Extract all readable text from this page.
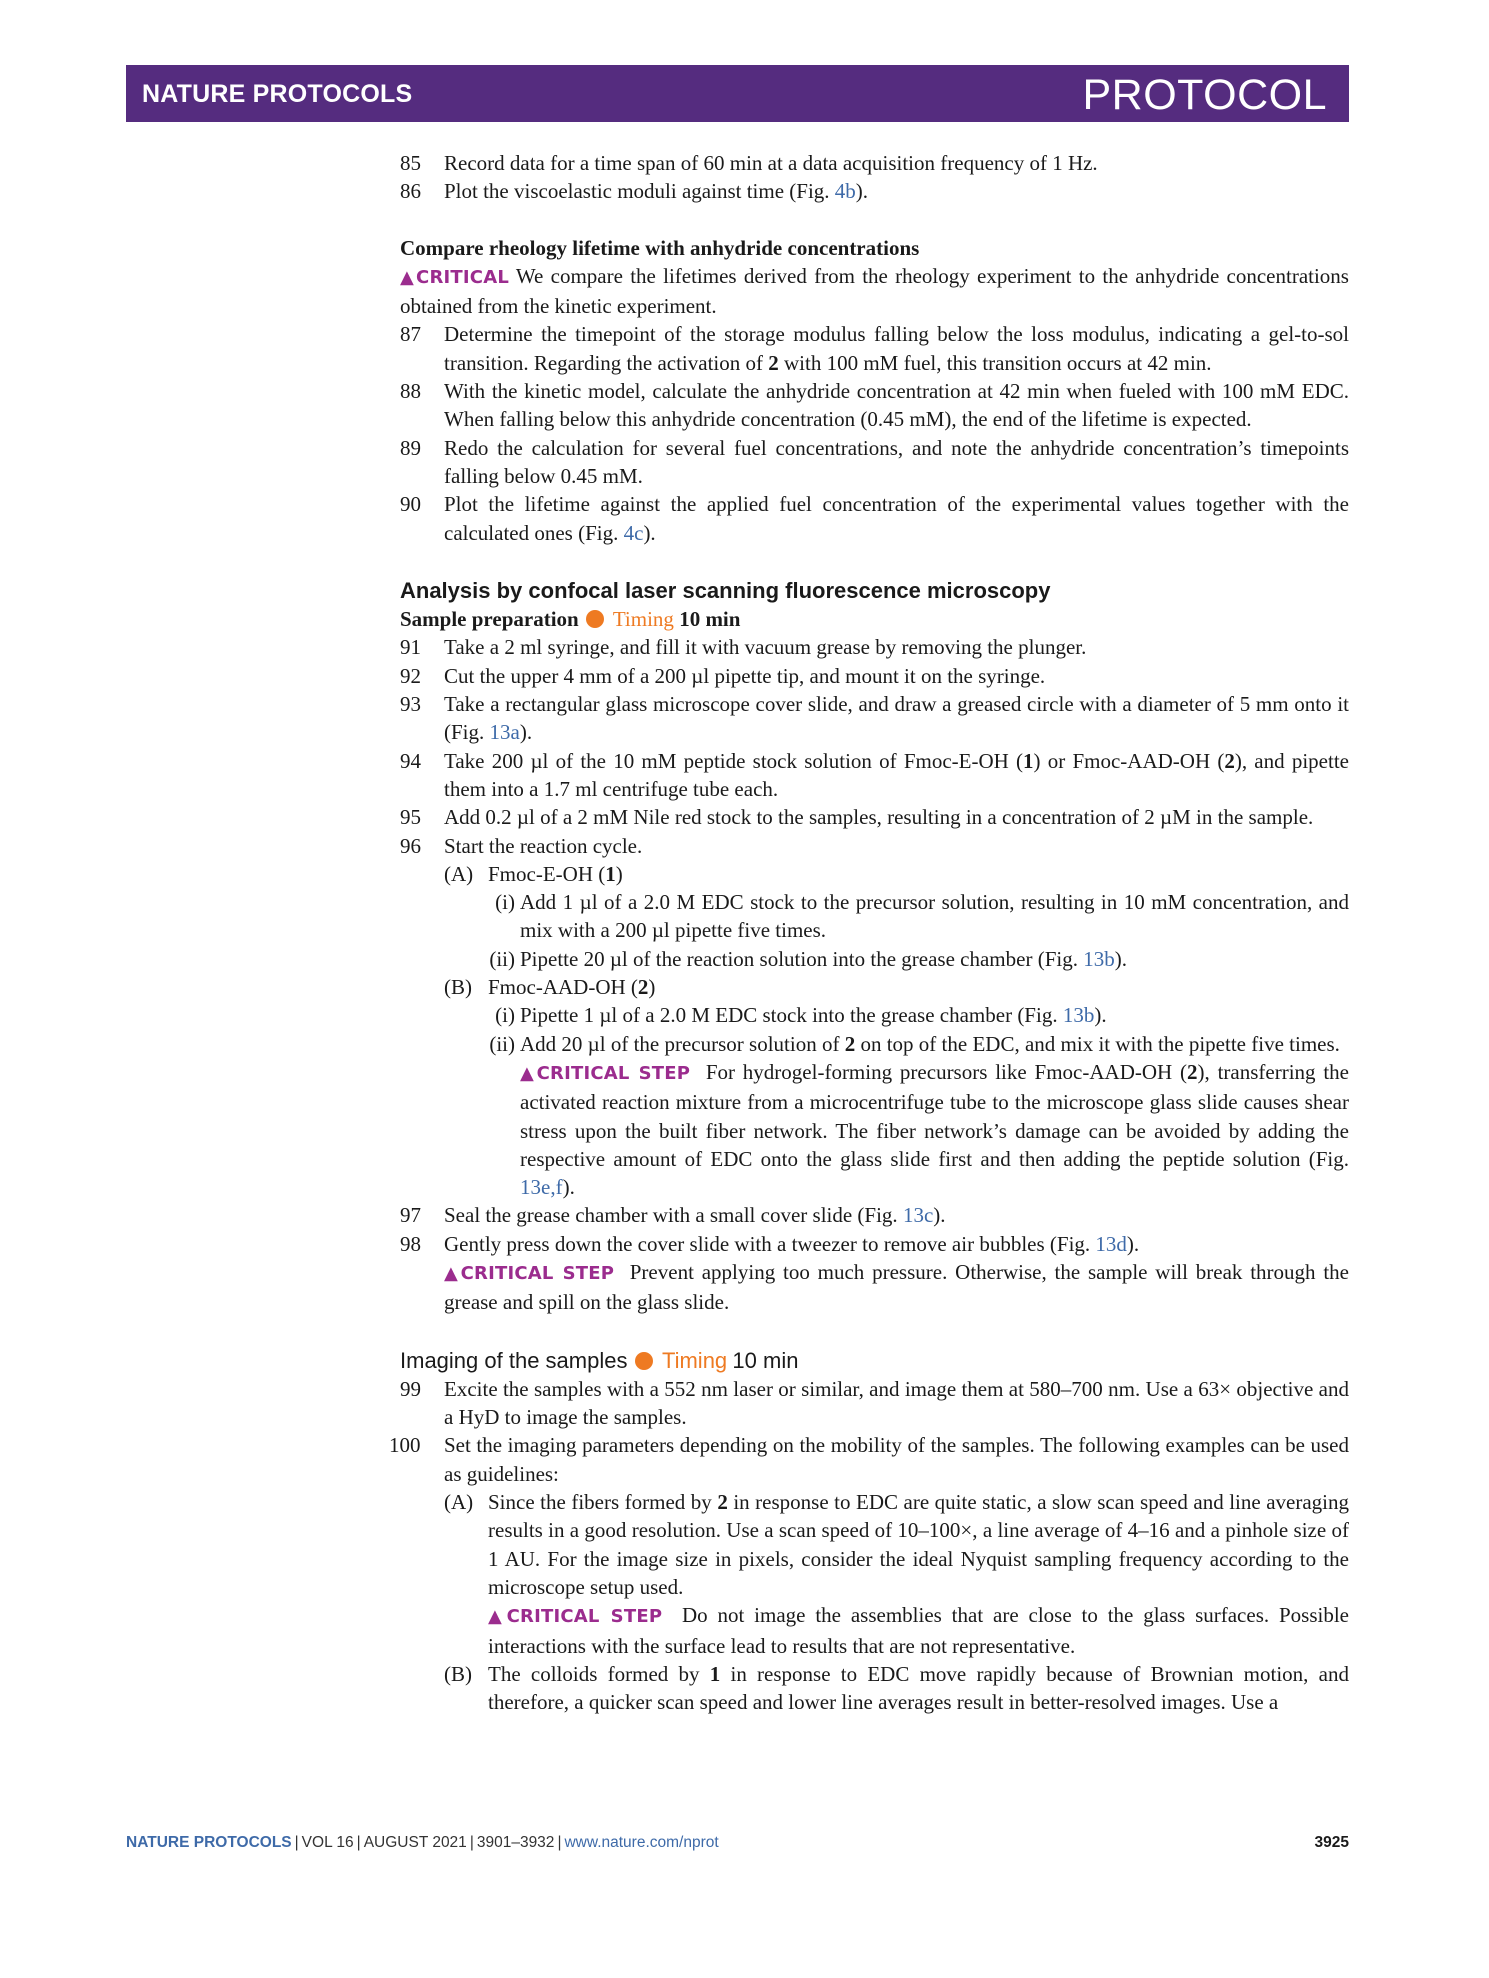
NATURE PROTOCOLS	PROTOCOL

85 Record data for a time span of 60 min at a data acquisition frequency of 1 Hz.

86 Plot the viscoelastic moduli against time (Fig. 4b).

Compare rheology lifetime with anhydride concentrations

▲CRITICAL We compare the lifetimes derived from the rheology experiment to the anhydride concentrations obtained from the kinetic experiment.

87 Determine the timepoint of the storage modulus falling below the loss modulus, indicating a gel-to-sol transition. Regarding the activation of 2 with 100 mM fuel, this transition occurs at 42 min.

88 With the kinetic model, calculate the anhydride concentration at 42 min when fueled with 100 mM EDC. When falling below this anhydride concentration (0.45 mM), the end of the lifetime is expected.

89 Redo the calculation for several fuel concentrations, and note the anhydride concentration’s timepoints falling below 0.45 mM.

90 Plot the lifetime against the applied fuel concentration of the experimental values together with the calculated ones (Fig. 4c).

Analysis by confocal laser scanning fluorescence microscopy

Sample preparation Timing 10 min

91 Take a 2 ml syringe, and fill it with vacuum grease by removing the plunger.

92 Cut the upper 4 mm of a 200 µl pipette tip, and mount it on the syringe.

93 Take a rectangular glass microscope cover slide, and draw a greased circle with a diameter of 5 mm onto it (Fig. 13a).

94 Take 200 µl of the 10 mM peptide stock solution of Fmoc-E-OH (1) or Fmoc-AAD-OH (2), and pipette them into a 1.7 ml centrifuge tube each.

95 Add 0.2 µl of a 2 mM Nile red stock to the samples, resulting in a concentration of 2 µM in the sample.

96 Start the reaction cycle.

(A) Fmoc-E-OH (1)

(i) Add 1 µl of a 2.0 M EDC stock to the precursor solution, resulting in 10 mM concentration, and mix with a 200 µl pipette five times.

(ii) Pipette 20 µl of the reaction solution into the grease chamber (Fig. 13b).

(B) Fmoc-AAD-OH (2)

(i) Pipette 1 µl of a 2.0 M EDC stock into the grease chamber (Fig. 13b).

(ii) Add 20 µl of the precursor solution of 2 on top of the EDC, and mix it with the pipette five times.

▲CRITICAL STEP For hydrogel-forming precursors like Fmoc-AAD-OH (2), transferring the activated reaction mixture from a microcentrifuge tube to the microscope glass slide causes shear stress upon the built fiber network. The fiber network’s damage can be avoided by adding the respective amount of EDC onto the glass slide first and then adding the peptide solution (Fig. 13e,f).

97 Seal the grease chamber with a small cover slide (Fig. 13c).

98 Gently press down the cover slide with a tweezer to remove air bubbles (Fig. 13d).

▲CRITICAL STEP Prevent applying too much pressure. Otherwise, the sample will break through the grease and spill on the glass slide.

Imaging of the samples Timing 10 min

99 Excite the samples with a 552 nm laser or similar, and image them at 580–700 nm. Use a 63× objective and a HyD to image the samples.

100 Set the imaging parameters depending on the mobility of the samples. The following examples can be used as guidelines:

(A) Since the fibers formed by 2 in response to EDC are quite static, a slow scan speed and line averaging results in a good resolution. Use a scan speed of 10–100×, a line average of 4–16 and a pinhole size of 1 AU. For the image size in pixels, consider the ideal Nyquist sampling frequency according to the microscope setup used.

▲CRITICAL STEP Do not image the assemblies that are close to the glass surfaces. Possible interactions with the surface lead to results that are not representative.

(B) The colloids formed by 1 in response to EDC move rapidly because of Brownian motion, and therefore, a quicker scan speed and lower line averages result in better-resolved images. Use a

NATURE PROTOCOLS | VOL 16 | AUGUST 2021 | 3901–3932 | www.nature.com/nprot	3925
